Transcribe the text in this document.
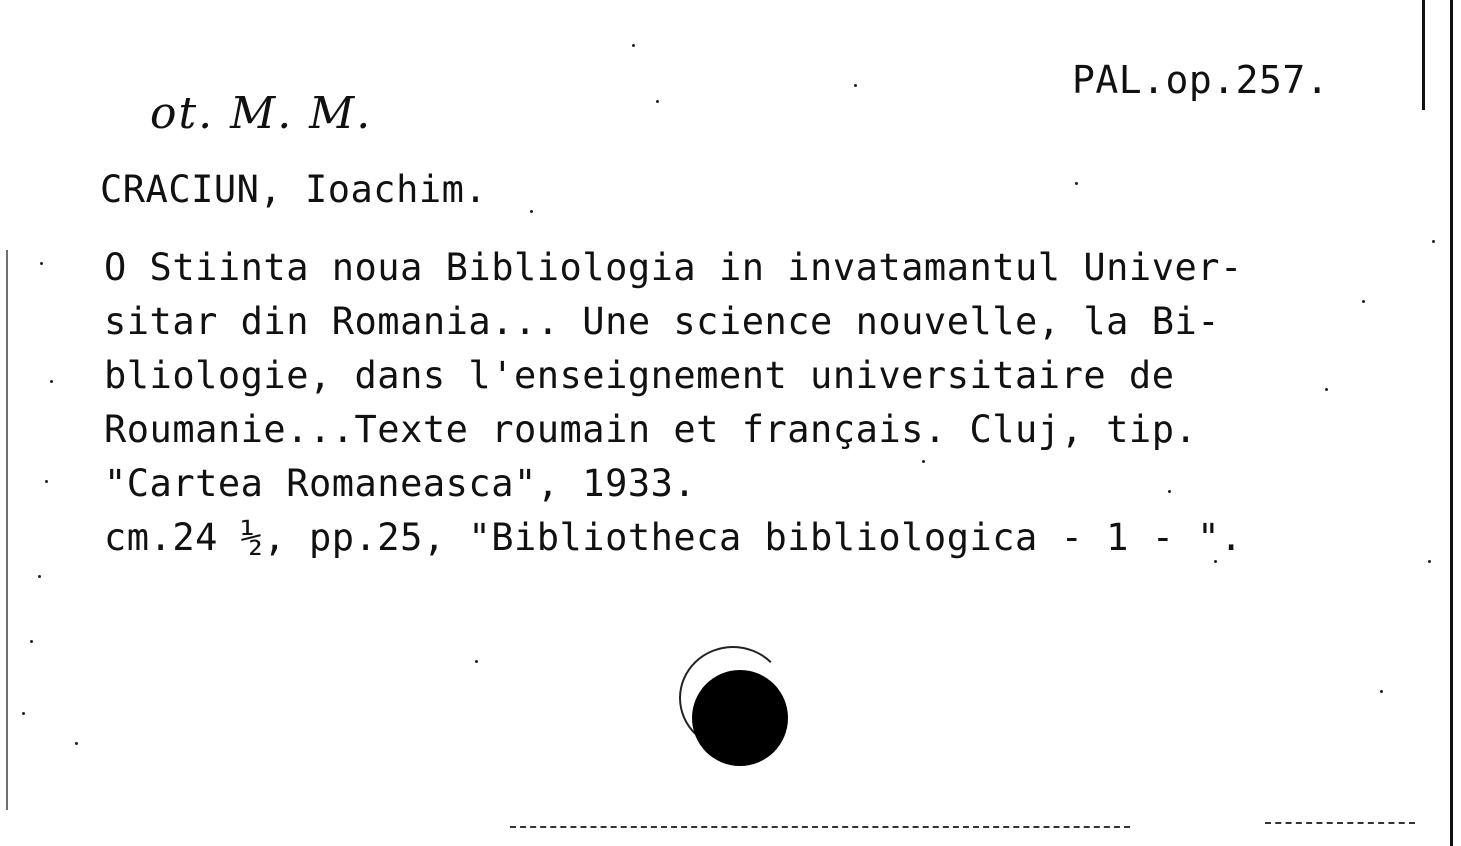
ot. M. M.
PAL.op.257.
CRACIUN, Ioachim.
O Stiinta noua Bibliologia in invatamantul Univer-
sitar din Romania... Une science nouvelle, la Bi-
bliologie, dans l'enseignement universitaire de
Roumanie...Texte roumain et français. Cluj, tip.
"Cartea Romaneasca", 1933.
cm.24 ½, pp.25, "Bibliotheca bibliologica - 1 - ".
